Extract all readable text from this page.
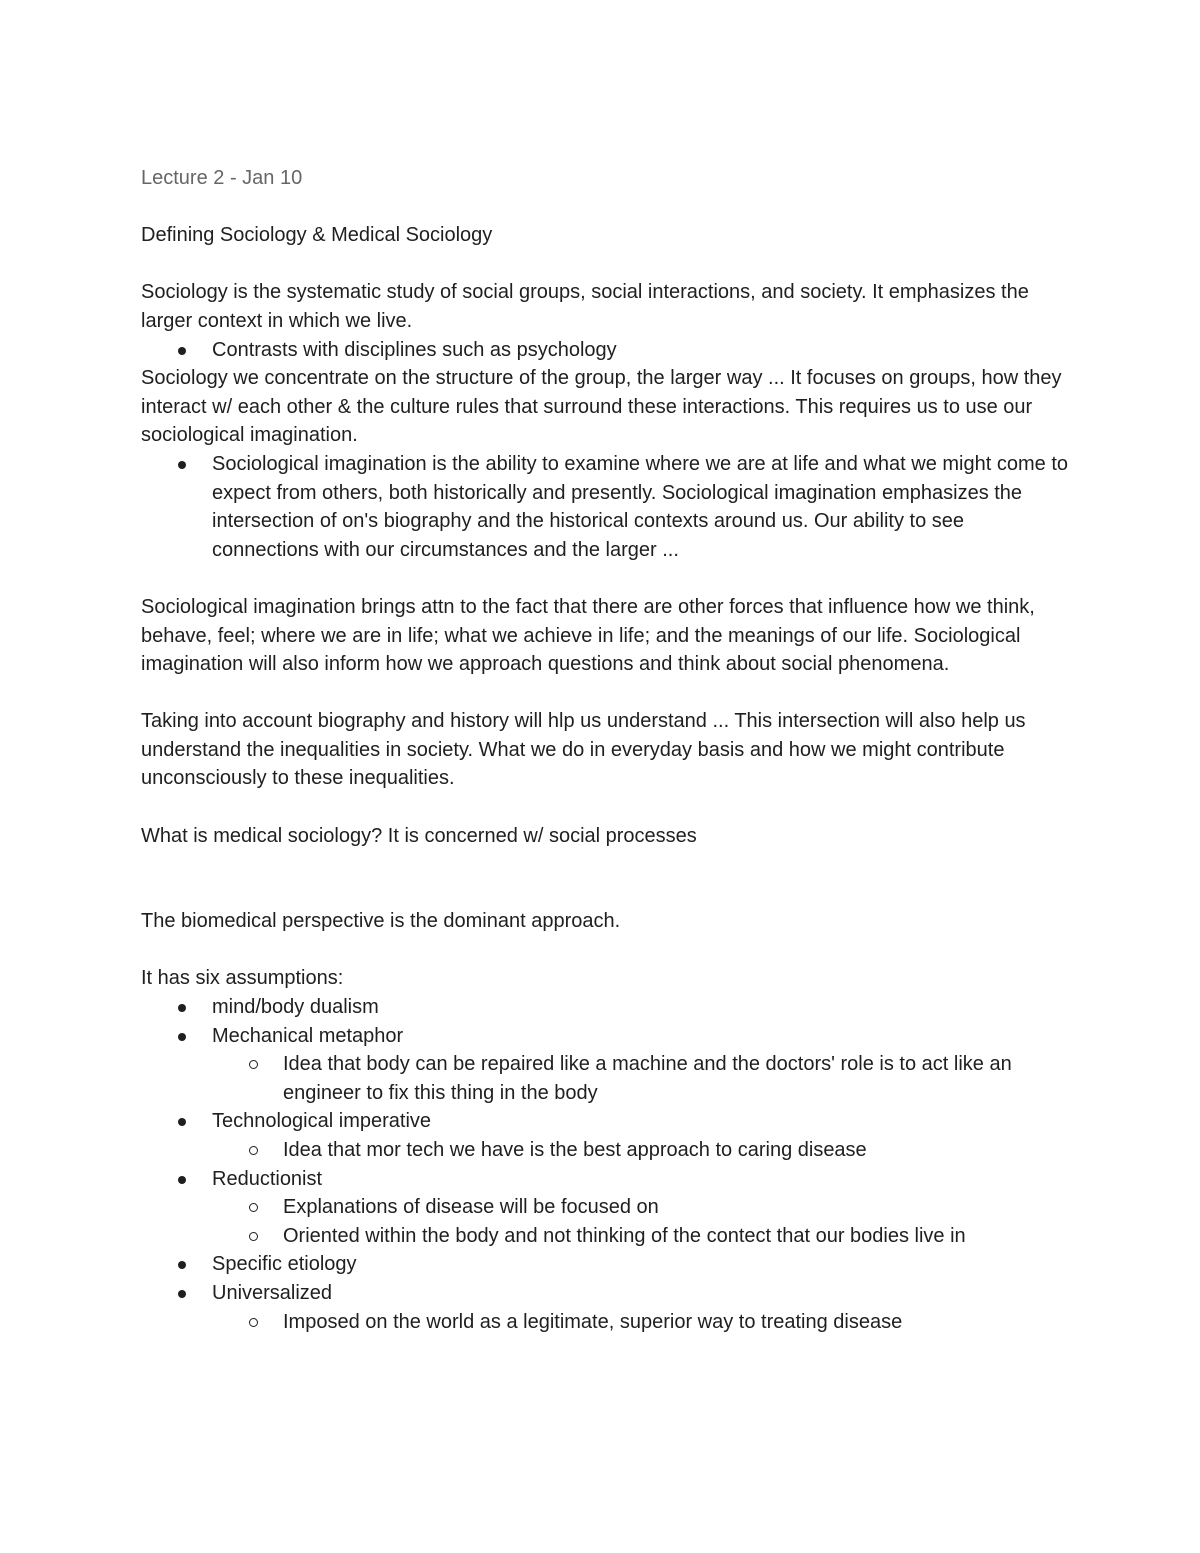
Lecture 2 - Jan 10

Defining Sociology & Medical Sociology

Sociology is the systematic study of social groups, social interactions, and society. It emphasizes the larger context in which we live.

Contrasts with disciplines such as psychology

Sociology we concentrate on the structure of the group, the larger way ... It focuses on groups, how they interact w/ each other & the culture rules that surround these interactions. This requires us to use our sociological imagination.

Sociological imagination is the ability to examine where we are at life and what we might come to expect from others, both historically and presently. Sociological imagination emphasizes the intersection of on's biography and the historical contexts around us. Our ability to see connections with our circumstances and the larger ...

Sociological imagination brings attn to the fact that there are other forces that influence how we think, behave, feel; where we are in life; what we achieve in life; and the meanings of our life. Sociological imagination will also inform how we approach questions and think about social phenomena.

Taking into account biography and history will hlp us understand ... This intersection will also help us understand the inequalities in society. What we do in everyday basis and how we might contribute unconsciously to these inequalities.

What is medical sociology? It is concerned w/ social processes

The biomedical perspective is the dominant approach.

It has six assumptions:

mind/body dualism
Mechanical metaphor
Idea that body can be repaired like a machine and the doctors' role is to act like an engineer to fix this thing in the body
Technological imperative
Idea that mor tech we have is the best approach to caring disease
Reductionist
Explanations of disease will be focused on
Oriented within the body and not thinking of the contect that our bodies live in
Specific etiology
Universalized
Imposed on the world as a legitimate, superior way to treating disease
